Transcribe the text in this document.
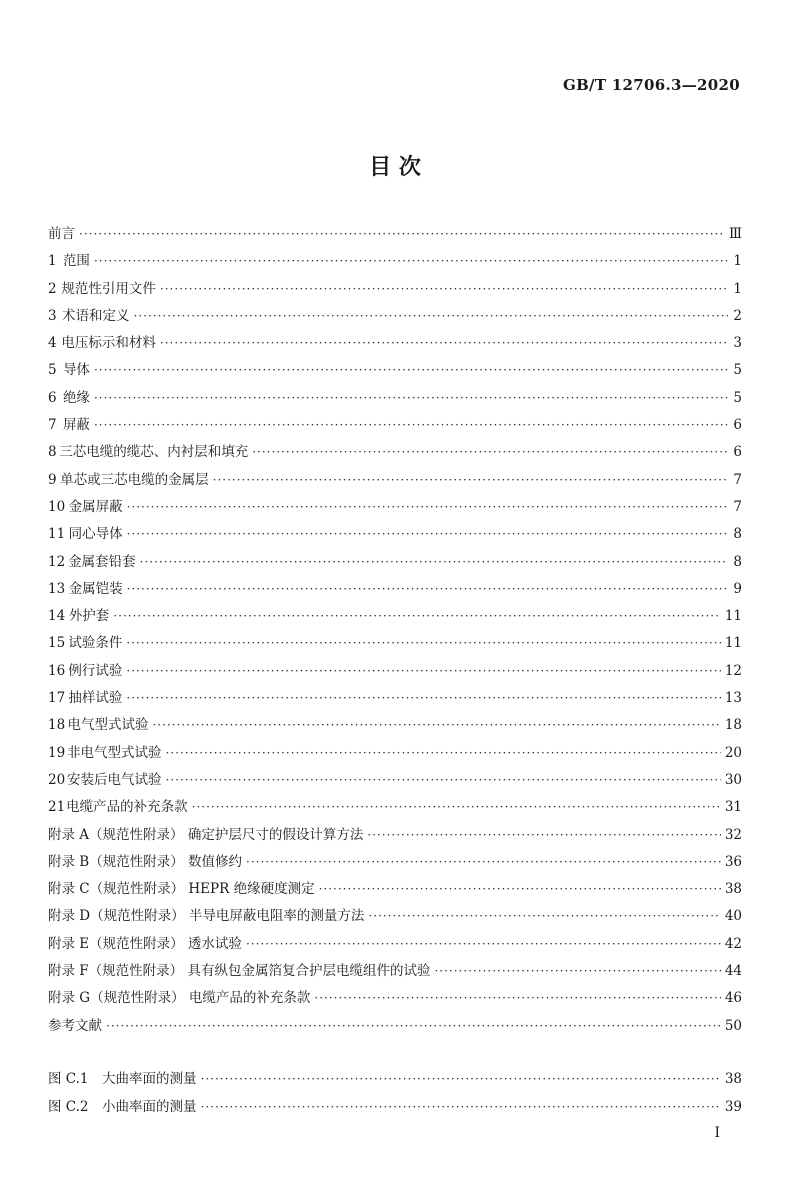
GB/T 12706.3—2020
目 次
前言 ·····	Ⅲ
1 范围 ·····	1
2 规范性引用文件 ·····	1
3 术语和定义 ·····	2
4 电压标示和材料 ·····	3
5 导体 ·····	5
6 绝缘 ·····	5
7 屏蔽 ·····	6
8 三芯电缆的缆芯、内衬层和填充 ·····	6
9 单芯或三芯电缆的金属层 ·····	7
10 金属屏蔽 ·····	7
11 同心导体 ·····	8
12 金属套铅套 ·····	8
13 金属铠装 ·····	9
14 外护套 ·····	11
15 试验条件 ·····	11
16 例行试验 ·····	12
17 抽样试验 ·····	13
18 电气型式试验 ·····	18
19 非电气型式试验 ·····	20
20 安装后电气试验 ·····	30
21 电缆产品的补充条款 ·····	31
附录 A（规范性附录） 确定护层尺寸的假设计算方法 ·····	32
附录 B（规范性附录） 数值修约 ·····	36
附录 C（规范性附录） HEPR 绝缘硬度测定 ·····	38
附录 D（规范性附录） 半导电屏蔽电阻率的测量方法 ·····	40
附录 E（规范性附录） 透水试验 ·····	42
附录 F（规范性附录） 具有纵包金属箔复合护层电缆组件的试验 ·····	44
附录 G（规范性附录） 电缆产品的补充条款 ·····	46
参考文献 ·····	50
图 C.1　大曲率面的测量 ·····	38
图 C.2　小曲率面的测量 ·····	39
I
